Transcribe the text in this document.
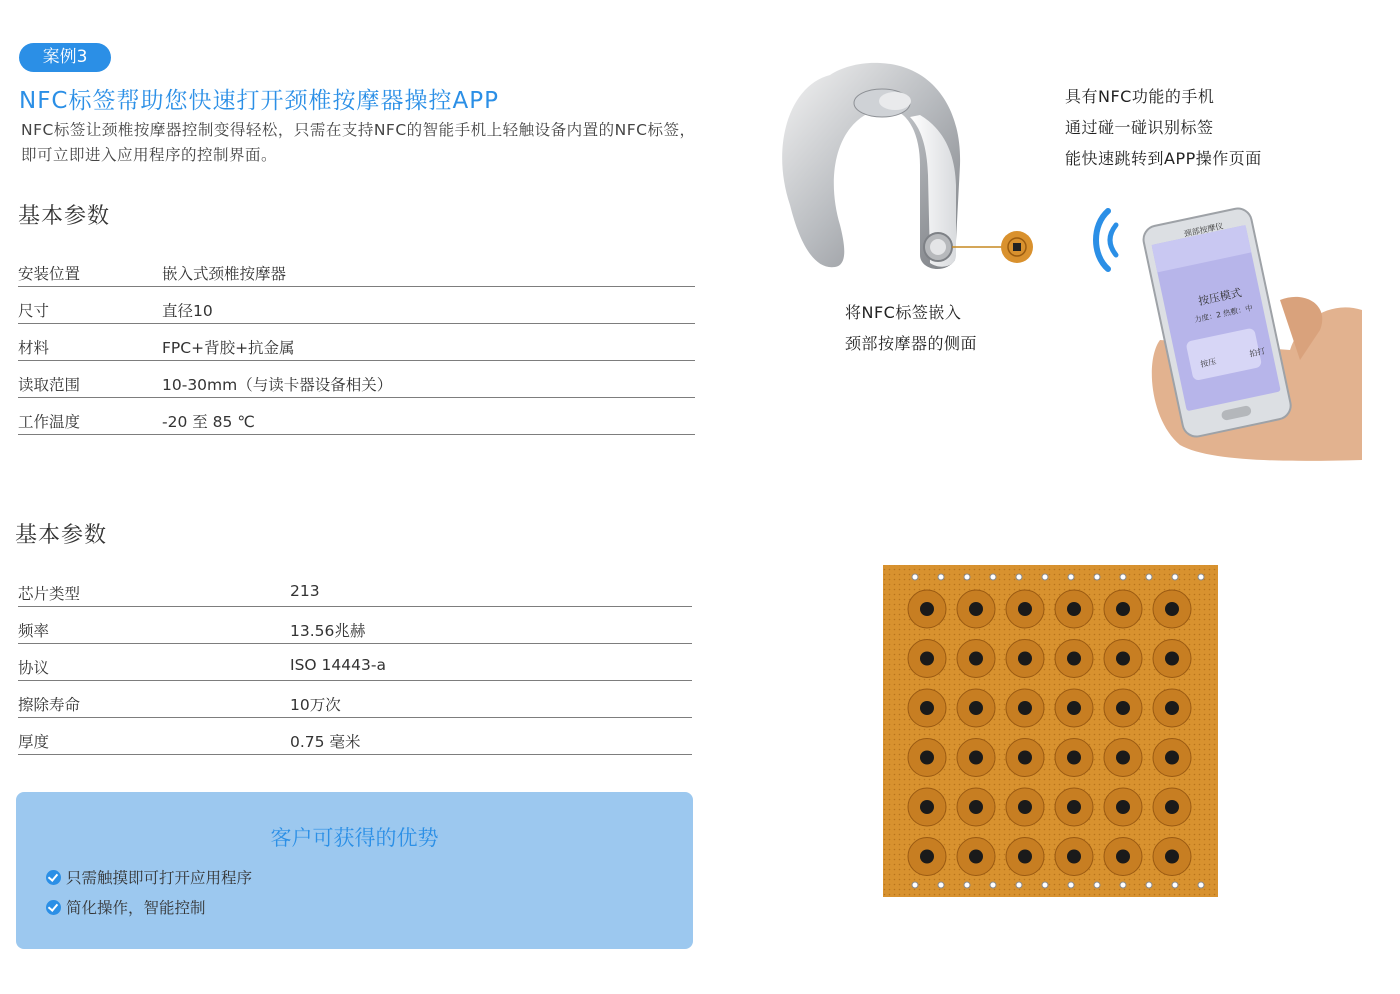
案例3
NFC标签帮助您快速打开颈椎按摩器操控APP
NFC标签让颈椎按摩器控制变得轻松，只需在支持NFC的智能手机上轻触设备内置的NFC标签，即可立即进入应用程序的控制界面。
基本参数
安装位置	嵌入式颈椎按摩器
尺寸	直径10
材料	FPC+背胶+抗金属
读取范围	10-30mm（与读卡器设备相关）
工作温度	-20 至 85 ℃
基本参数
芯片类型	213
频率	13.56兆赫
协议	ISO 14443-a
擦除寿命	10万次
厚度	0.75 毫米
客户可获得的优势
只需触摸即可打开应用程序
简化操作，智能控制
将NFC标签嵌入
颈部按摩器的侧面
具有NFC功能的手机
通过碰一碰识别标签
能快速跳转到APP操作页面
颈部按摩仪
按压模式
力度：2 热敷：中
按压
拍打
